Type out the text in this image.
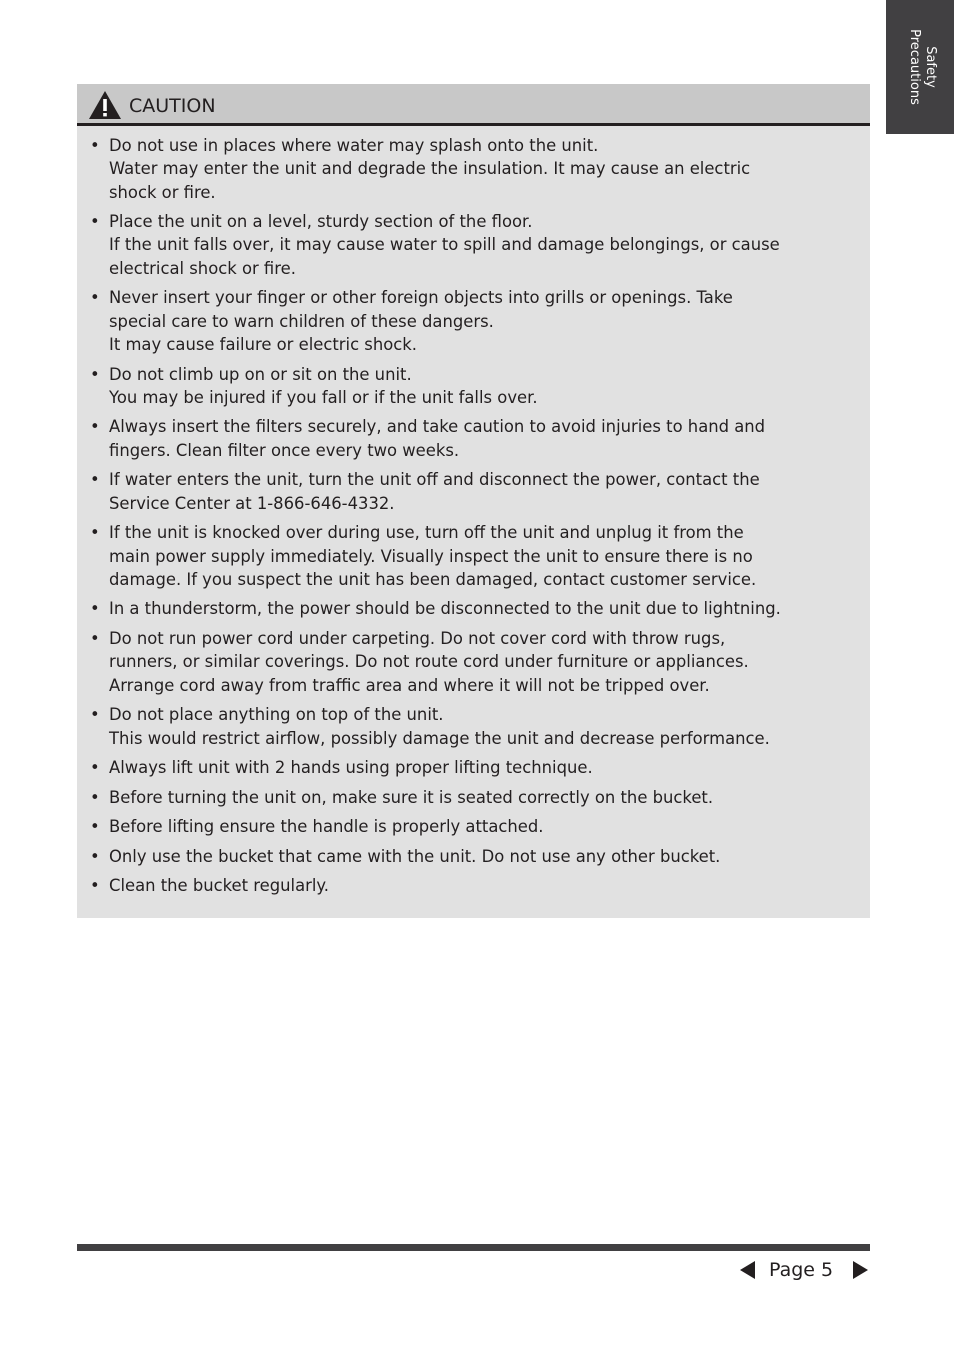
Safety
Precautions
CAUTION
• Do not use in places where water may splash onto the unit.
Water may enter the unit and degrade the insulation. It may cause an electric
shock or fire.
• Place the unit on a level, sturdy section of the floor.
If the unit falls over, it may cause water to spill and damage belongings, or cause
electrical shock or fire.
• Never insert your finger or other foreign objects into grills or openings. Take
special care to warn children of these dangers.
It may cause failure or electric shock.
• Do not climb up on or sit on the unit.
You may be injured if you fall or if the unit falls over.
• Always insert the filters securely, and take caution to avoid injuries to hand and
fingers. Clean filter once every two weeks.
• If water enters the unit, turn the unit off and disconnect the power, contact the
Service Center at 1-866-646-4332.
• If the unit is knocked over during use, turn off the unit and unplug it from the
main power supply immediately. Visually inspect the unit to ensure there is no
damage. If you suspect the unit has been damaged, contact customer service.
• In a thunderstorm, the power should be disconnected to the unit due to lightning.
• Do not run power cord under carpeting. Do not cover cord with throw rugs,
runners, or similar coverings. Do not route cord under furniture or appliances.
Arrange cord away from traffic area and where it will not be tripped over.
• Do not place anything on top of the unit.
This would restrict airflow, possibly damage the unit and decrease performance.
• Always lift unit with 2 hands using proper lifting technique.
• Before turning the unit on, make sure it is seated correctly on the bucket.
• Before lifting ensure the handle is properly attached.
• Only use the bucket that came with the unit. Do not use any other bucket.
• Clean the bucket regularly.
Page 5
